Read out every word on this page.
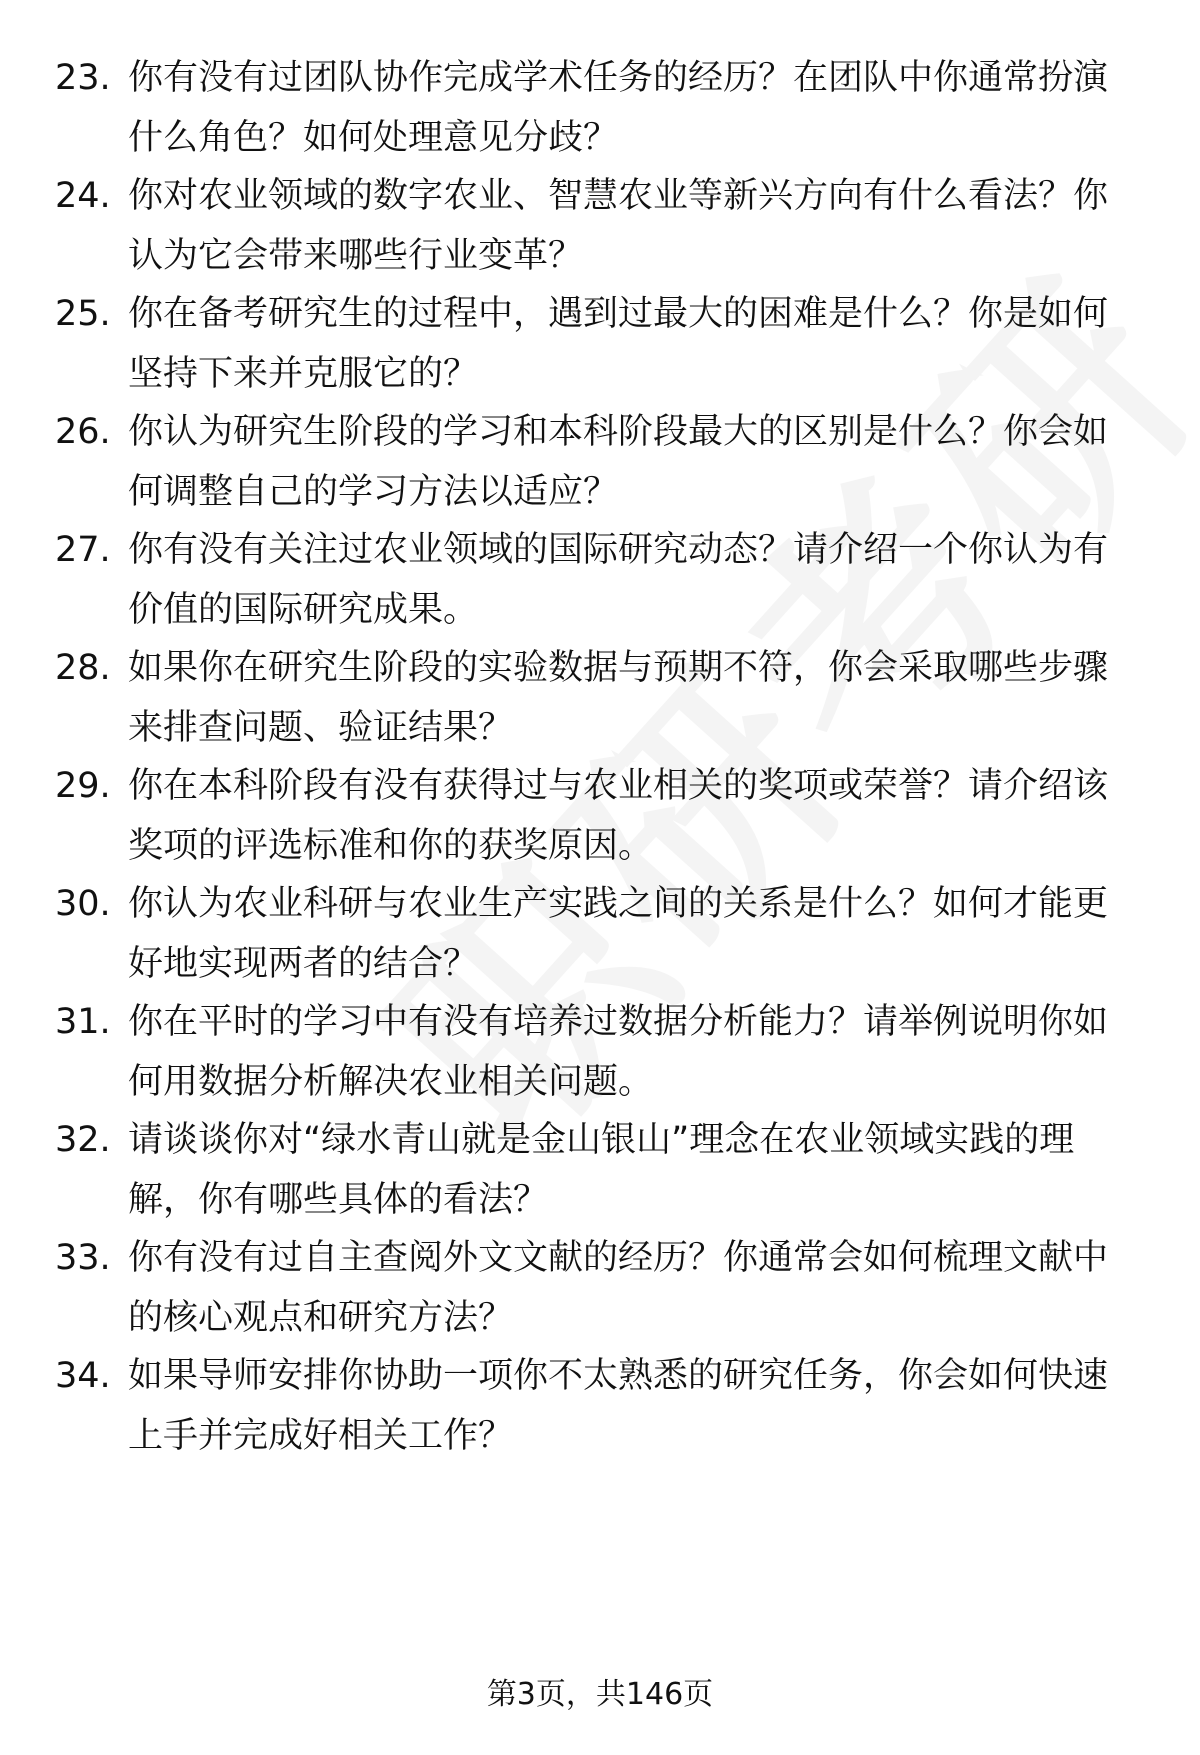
23. 你有没有过团队协作完成学术任务的经历？在团队中你通常扮演
什么角色？如何处理意见分歧？
24. 你对农业领域的数字农业、智慧农业等新兴方向有什么看法？你
认为它会带来哪些行业变革？
25. 你在备考研究生的过程中，遇到过最大的困难是什么？你是如何
坚持下来并克服它的？
26. 你认为研究生阶段的学习和本科阶段最大的区别是什么？你会如
何调整自己的学习方法以适应？
27. 你有没有关注过农业领域的国际研究动态？请介绍一个你认为有
价值的国际研究成果。
28. 如果你在研究生阶段的实验数据与预期不符，你会采取哪些步骤
来排查问题、验证结果？
29. 你在本科阶段有没有获得过与农业相关的奖项或荣誉？请介绍该
奖项的评选标准和你的获奖原因。
30. 你认为农业科研与农业生产实践之间的关系是什么？如何才能更
好地实现两者的结合？
31. 你在平时的学习中有没有培养过数据分析能力？请举例说明你如
何用数据分析解决农业相关问题。
32. 请谈谈你对“绿水青山就是金山银山”理念在农业领域实践的理
解，你有哪些具体的看法？
33. 你有没有过自主查阅外文文献的经历？你通常会如何梳理文献中
的核心观点和研究方法？
34. 如果导师安排你协助一项你不太熟悉的研究任务，你会如何快速
上手并完成好相关工作？
第3页，共146页
